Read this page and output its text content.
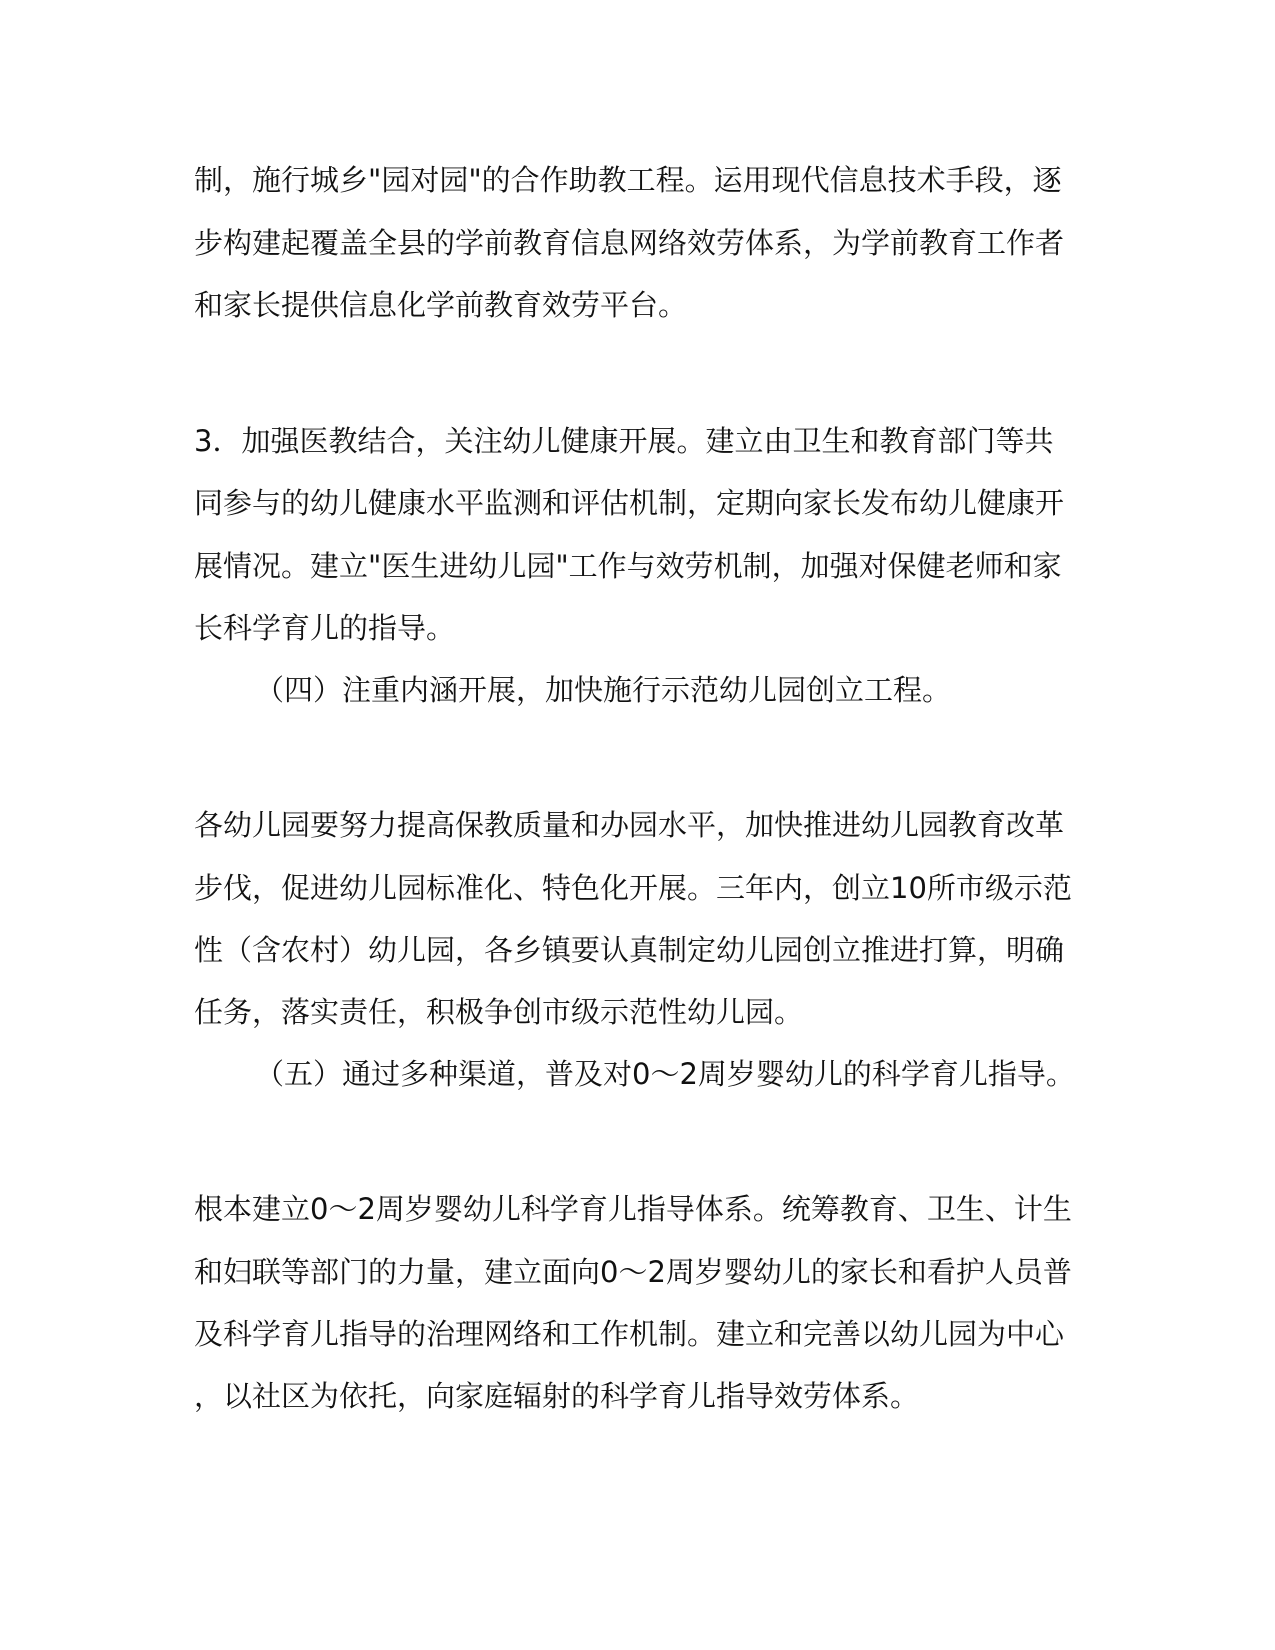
制，施行城乡"园对园"的合作助教工程。运用现代信息技术手段，逐
步构建起覆盖全县的学前教育信息网络效劳体系，为学前教育工作者
和家长提供信息化学前教育效劳平台。
3．加强医教结合，关注幼儿健康开展。建立由卫生和教育部门等共
同参与的幼儿健康水平监测和评估机制，定期向家长发布幼儿健康开
展情况。建立"医生进幼儿园"工作与效劳机制，加强对保健老师和家
长科学育儿的指导。
（四）注重内涵开展，加快施行示范幼儿园创立工程。
各幼儿园要努力提高保教质量和办园水平，加快推进幼儿园教育改革
步伐，促进幼儿园标准化、特色化开展。三年内，创立10所市级示范
性（含农村）幼儿园，各乡镇要认真制定幼儿园创立推进打算，明确
任务，落实责任，积极争创市级示范性幼儿园。
（五）通过多种渠道，普及对0～2周岁婴幼儿的科学育儿指导。
根本建立0～2周岁婴幼儿科学育儿指导体系。统筹教育、卫生、计生
和妇联等部门的力量，建立面向0～2周岁婴幼儿的家长和看护人员普
及科学育儿指导的治理网络和工作机制。建立和完善以幼儿园为中心
，以社区为依托，向家庭辐射的科学育儿指导效劳体系。
